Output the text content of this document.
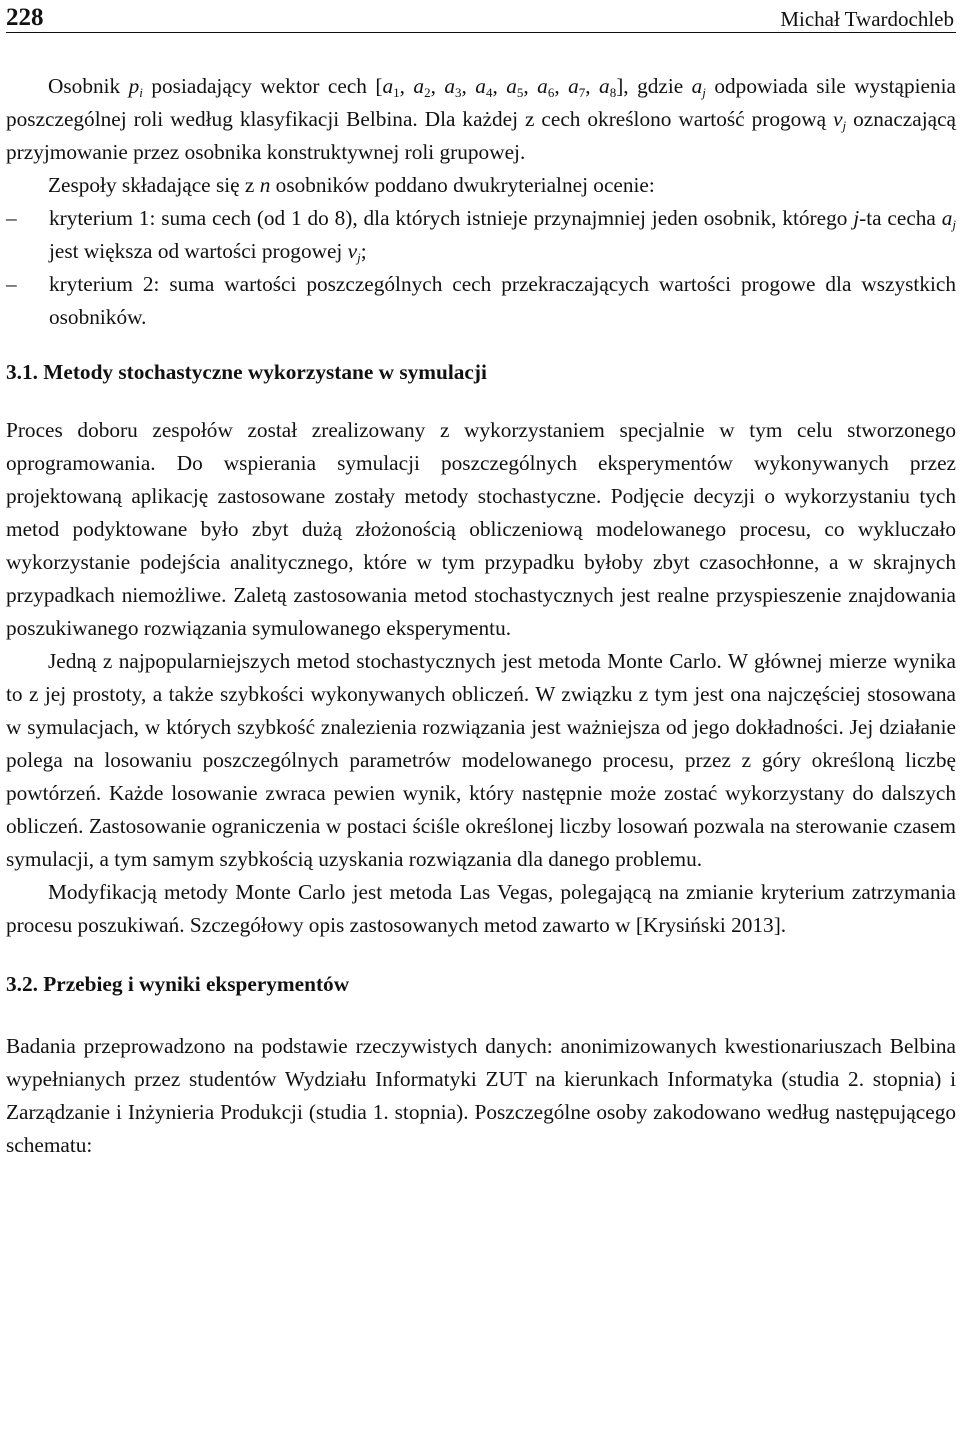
228	Michał Twardochleb

Osobnik $p_i$ posiadający wektor cech [$a_1$, $a_2$, $a_3$, $a_4$, $a_5$, $a_6$, $a_7$, $a_8$], gdzie $a_j$ odpowiada sile wystąpienia poszczególnej roli według klasyfikacji Belbina. Dla każdej z cech określono wartość progową $v_j$ oznaczającą przyjmowanie przez osobnika konstruktywnej roli grupowej.

Zespoły składające się z n osobników poddano dwukryterialnej ocenie:

–	kryterium 1: suma cech (od 1 do 8), dla których istnieje przynajmniej jeden osobnik, którego j-ta cecha $a_j$ jest większa od wartości progowej $v_j$;
–	kryterium 2: suma wartości poszczególnych cech przekraczających wartości progowe dla wszystkich osobników.
3.1. Metody stochastyczne wykorzystane w symulacji

Proces doboru zespołów został zrealizowany z wykorzystaniem specjalnie w tym celu stworzonego oprogramowania. Do wspierania symulacji poszczególnych eksperymentów wykonywanych przez projektowaną aplikację zastosowane zostały metody stochastyczne. Podjęcie decyzji o wykorzystaniu tych metod podyktowane było zbyt dużą złożonością obliczeniową modelowanego procesu, co wykluczało wykorzystanie podejścia analitycznego, które w tym przypadku byłoby zbyt czasochłonne, a w skrajnych przypadkach niemożliwe. Zaletą zastosowania metod stochastycznych jest realne przyspieszenie znajdowania poszukiwanego rozwiązania symulowanego eksperymentu.

Jedną z najpopularniejszych metod stochastycznych jest metoda Monte Carlo. W głównej mierze wynika to z jej prostoty, a także szybkości wykonywanych obliczeń. W związku z tym jest ona najczęściej stosowana w symulacjach, w których szybkość znalezienia rozwiązania jest ważniejsza od jego dokładności. Jej działanie polega na losowaniu poszczególnych parametrów modelowanego procesu, przez z góry określoną liczbę powtórzeń. Każde losowanie zwraca pewien wynik, który następnie może zostać wykorzystany do dalszych obliczeń. Zastosowanie ograniczenia w postaci ściśle określonej liczby losowań pozwala na sterowanie czasem symulacji, a tym samym szybkością uzyskania rozwiązania dla danego problemu.

Modyfikacją metody Monte Carlo jest metoda Las Vegas, polegającą na zmianie kryterium zatrzymania procesu poszukiwań. Szczegółowy opis zastosowanych metod zawarto w [Krysiński 2013].

3.2. Przebieg i wyniki eksperymentów

Badania przeprowadzono na podstawie rzeczywistych danych: anonimizowanych kwestionariuszach Belbina wypełnianych przez studentów Wydziału Informatyki ZUT na kierunkach Informatyka (studia 2. stopnia) i Zarządzanie i Inżynieria Produkcji (studia 1. stopnia). Poszczególne osoby zakodowano według następującego schematu:
